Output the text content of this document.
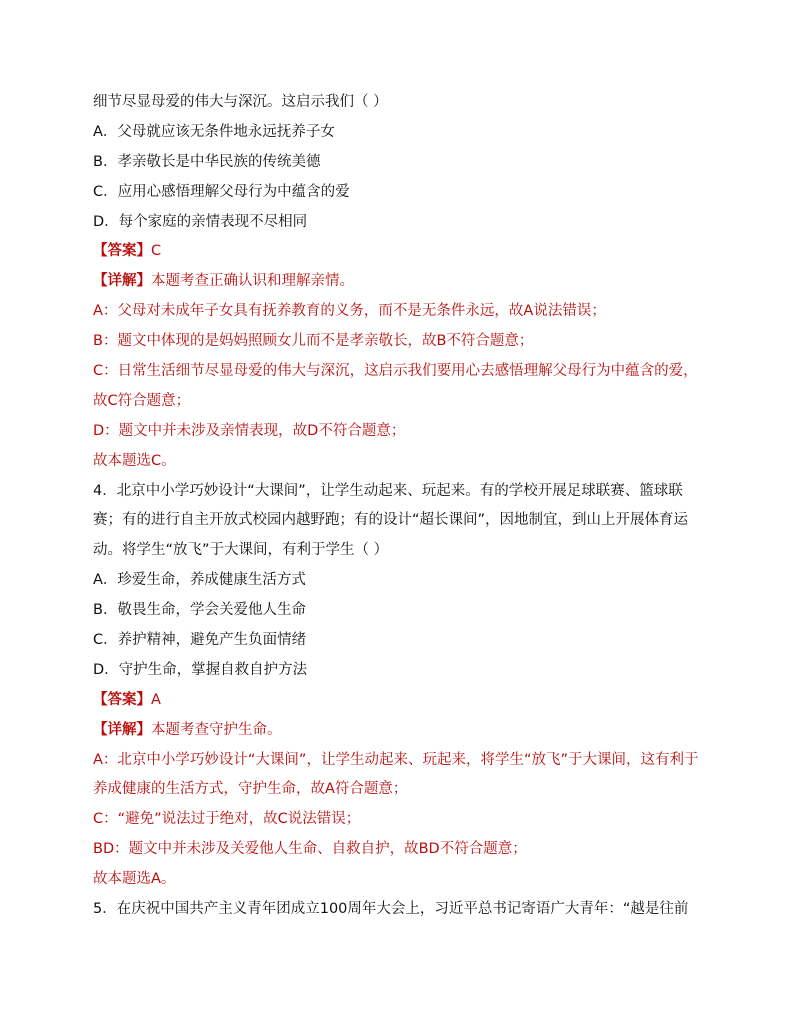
细节尽显母爱的伟大与深沉。这启示我们（ ）
A．父母就应该无条件地永远抚养子女
B．孝亲敬长是中华民族的传统美德
C．应用心感悟理解父母行为中蕴含的爱
D．每个家庭的亲情表现不尽相同
【答案】C
【详解】本题考查正确认识和理解亲情。
A：父母对未成年子女具有抚养教育的义务，而不是无条件永远，故A说法错误；
B：题文中体现的是妈妈照顾女儿而不是孝亲敬长，故B不符合题意；
C：日常生活细节尽显母爱的伟大与深沉，这启示我们要用心去感悟理解父母行为中蕴含的爱，
故C符合题意；
D：题文中并未涉及亲情表现，故D不符合题意；
故本题选C。
4．北京中小学巧妙设计“大课间”，让学生动起来、玩起来。有的学校开展足球联赛、篮球联
赛；有的进行自主开放式校园内越野跑；有的设计“超长课间”，因地制宜，到山上开展体育运
动。将学生“放飞”于大课间，有利于学生（ ）
A．珍爱生命，养成健康生活方式
B．敬畏生命，学会关爱他人生命
C．养护精神，避免产生负面情绪
D．守护生命，掌握自救自护方法
【答案】A
【详解】本题考查守护生命。
A：北京中小学巧妙设计“大课间”，让学生动起来、玩起来，将学生“放飞”于大课间，这有利于
养成健康的生活方式，守护生命，故A符合题意；
C：“避免”说法过于绝对，故C说法错误；
BD：题文中并未涉及关爱他人生命、自救自护，故BD不符合题意；
故本题选A。
5．在庆祝中国共产主义青年团成立100周年大会上，习近平总书记寄语广大青年：“越是往前
